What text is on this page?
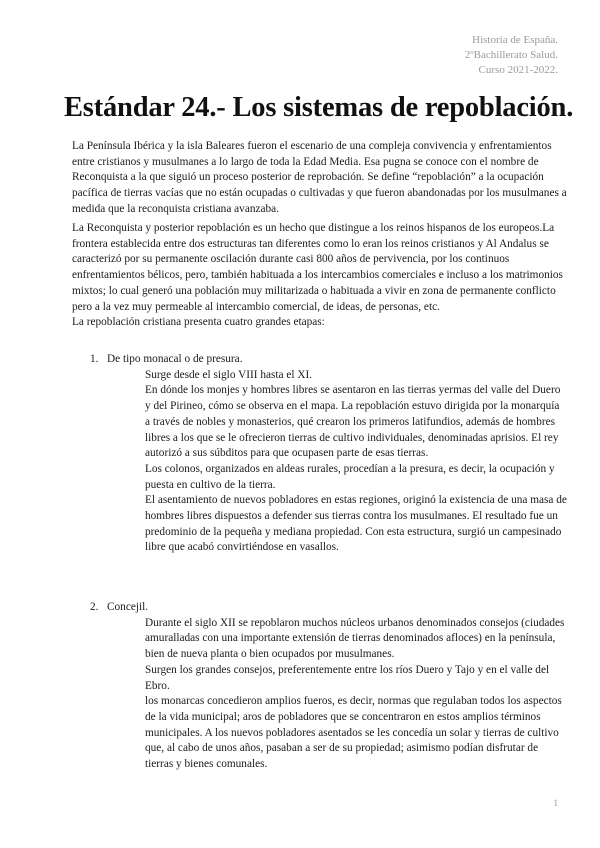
Historia de España.
2ºBachillerato Salud.
Curso 2021-2022.
Estándar 24.- Los sistemas de repoblación.

La Península Ibérica y la isla Baleares fueron el escenario de una compleja convivencia y enfrentamientos entre cristianos y musulmanes a lo largo de toda la Edad Media. Esa pugna se conoce con el nombre de Reconquista a la que siguió un proceso posterior de reprobación. Se define “repoblación” a la ocupación pacífica de tierras vacías que no están ocupadas o cultivadas y que fueron abandonadas por los musulmanes a medida que la reconquista cristiana avanzaba.

La Reconquista y posterior repoblación es un hecho que distingue a los reinos hispanos de los europeos.La frontera establecida entre dos estructuras tan diferentes como lo eran los reinos cristianos y Al Andalus se caracterizó por su permanente oscilación durante casi 800 años de pervivencia, por los continuos enfrentamientos bélicos, pero, también habituada a los intercambios comerciales e incluso a los matrimonios mixtos; lo cual generó una población muy militarizada o habituada a vivir en zona de permanente conflicto pero a la vez muy permeable al intercambio comercial, de ideas, de personas, etc.

La repoblación cristiana presenta cuatro grandes etapas:

1. De tipo monacal o de presura.

Surge desde el siglo VIII hasta el XI.

En dónde los monjes y hombres libres se asentaron en las tierras yermas del valle del Duero y del Pirineo, cómo se observa en el mapa. La repoblación estuvo dirigida por la monarquía a través de nobles y monasterios, qué crearon los primeros latifundios, además de hombres libres a los que se le ofrecieron tierras de cultivo individuales, denominadas aprisios. El rey autorizó a sus súbditos para que ocupasen parte de esas tierras.

Los colonos, organizados en aldeas rurales, procedían a la presura, es decir, la ocupación y puesta en cultivo de la tierra.

El asentamiento de nuevos pobladores en estas regiones, originó la existencia de una masa de hombres libres dispuestos a defender sus tierras contra los musulmanes. El resultado fue un predominio de la pequeña y mediana propiedad. Con esta estructura, surgió un campesinado libre que acabó convirtiéndose en vasallos.

2. Concejil.

Durante el siglo XII se repoblaron muchos núcleos urbanos denominados consejos (ciudades amuralladas con una importante extensión de tierras denominados afloces) en la península, bien de nueva planta o bien ocupados por musulmanes.

Surgen los grandes consejos, preferentemente entre los ríos Duero y Tajo y en el valle del Ebro.

los monarcas concedieron amplios fueros, es decir, normas que regulaban todos los aspectos de la vida municipal; aros de pobladores que se concentraron en estos amplios términos municipales. A los nuevos pobladores asentados se les concedía un solar y tierras de cultivo que, al cabo de unos años, pasaban a ser de su propiedad; asimismo podían disfrutar de tierras y bienes comunales.

1
